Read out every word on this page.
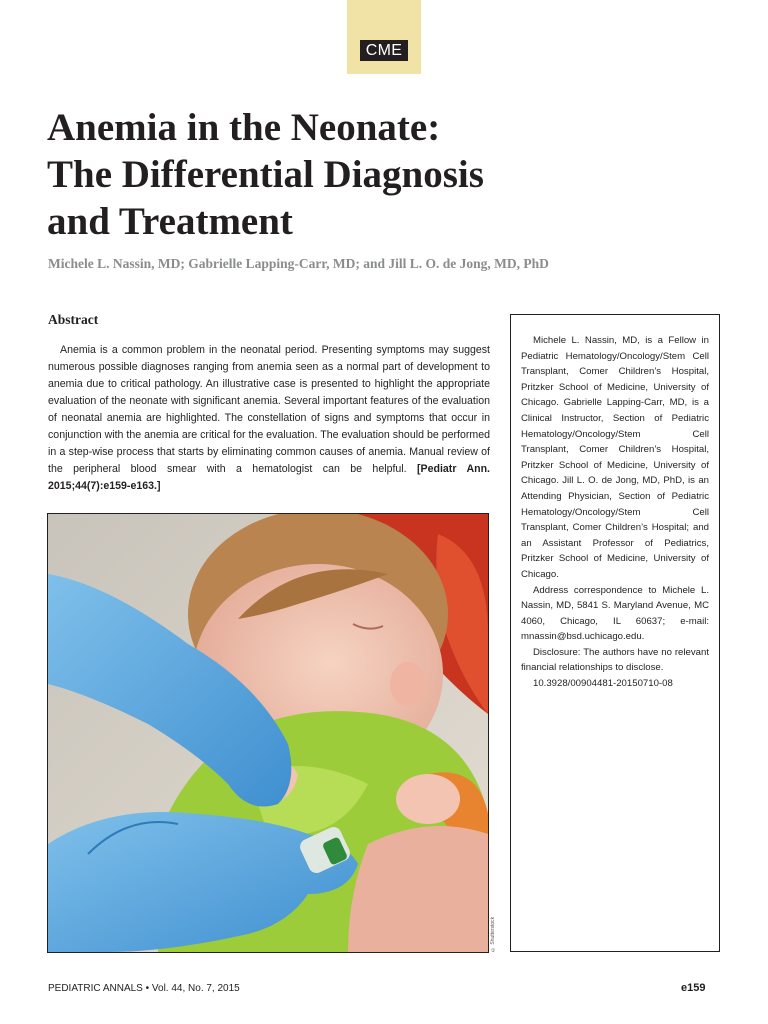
CME
Anemia in the Neonate:
The Differential Diagnosis
and Treatment
Michele L. Nassin, MD; Gabrielle Lapping-Carr, MD; and Jill L. O. de Jong, MD, PhD
Abstract

Anemia is a common problem in the neonatal period. Presenting symptoms may suggest numerous possible diagnoses ranging from anemia seen as a normal part of development to anemia due to critical pathology. An illustrative case is presented to highlight the appropriate evaluation of the neonate with significant anemia. Several important features of the evaluation of neonatal anemia are highlighted. The constellation of signs and symptoms that occur in conjunction with the anemia are critical for the evaluation. The evaluation should be performed in a step-wise process that starts by eliminating common causes of anemia. Manual review of the peripheral blood smear with a hematologist can be helpful. [Pediatr Ann. 2015;44(7):e159-e163.]

© Shutterstock

Michele L. Nassin, MD, is a Fellow in Pediatric Hematology/Oncology/Stem Cell Transplant, Comer Children’s Hospital, Pritzker School of Medicine, University of Chicago. Gabrielle Lapping-Carr, MD, is a Clinical Instructor, Section of Pediatric Hematology/Oncology/Stem Cell Transplant, Comer Children’s Hospital, Pritzker School of Medicine, University of Chicago. Jill L. O. de Jong, MD, PhD, is an Attending Physician, Section of Pediatric Hematology/Oncology/Stem Cell Transplant, Comer Children’s Hospital; and an Assistant Professor of Pediatrics, Pritzker School of Medicine, University of Chicago.

Address correspondence to Michele L. Nassin, MD, 5841 S. Maryland Avenue, MC 4060, Chicago, IL 60637; e-mail: mnassin@bsd.uchicago.edu.

Disclosure: The authors have no relevant financial relationships to disclose.

10.3928/00904481-20150710-08

PEDIATRIC ANNALS • Vol. 44, No. 7, 2015	e159
